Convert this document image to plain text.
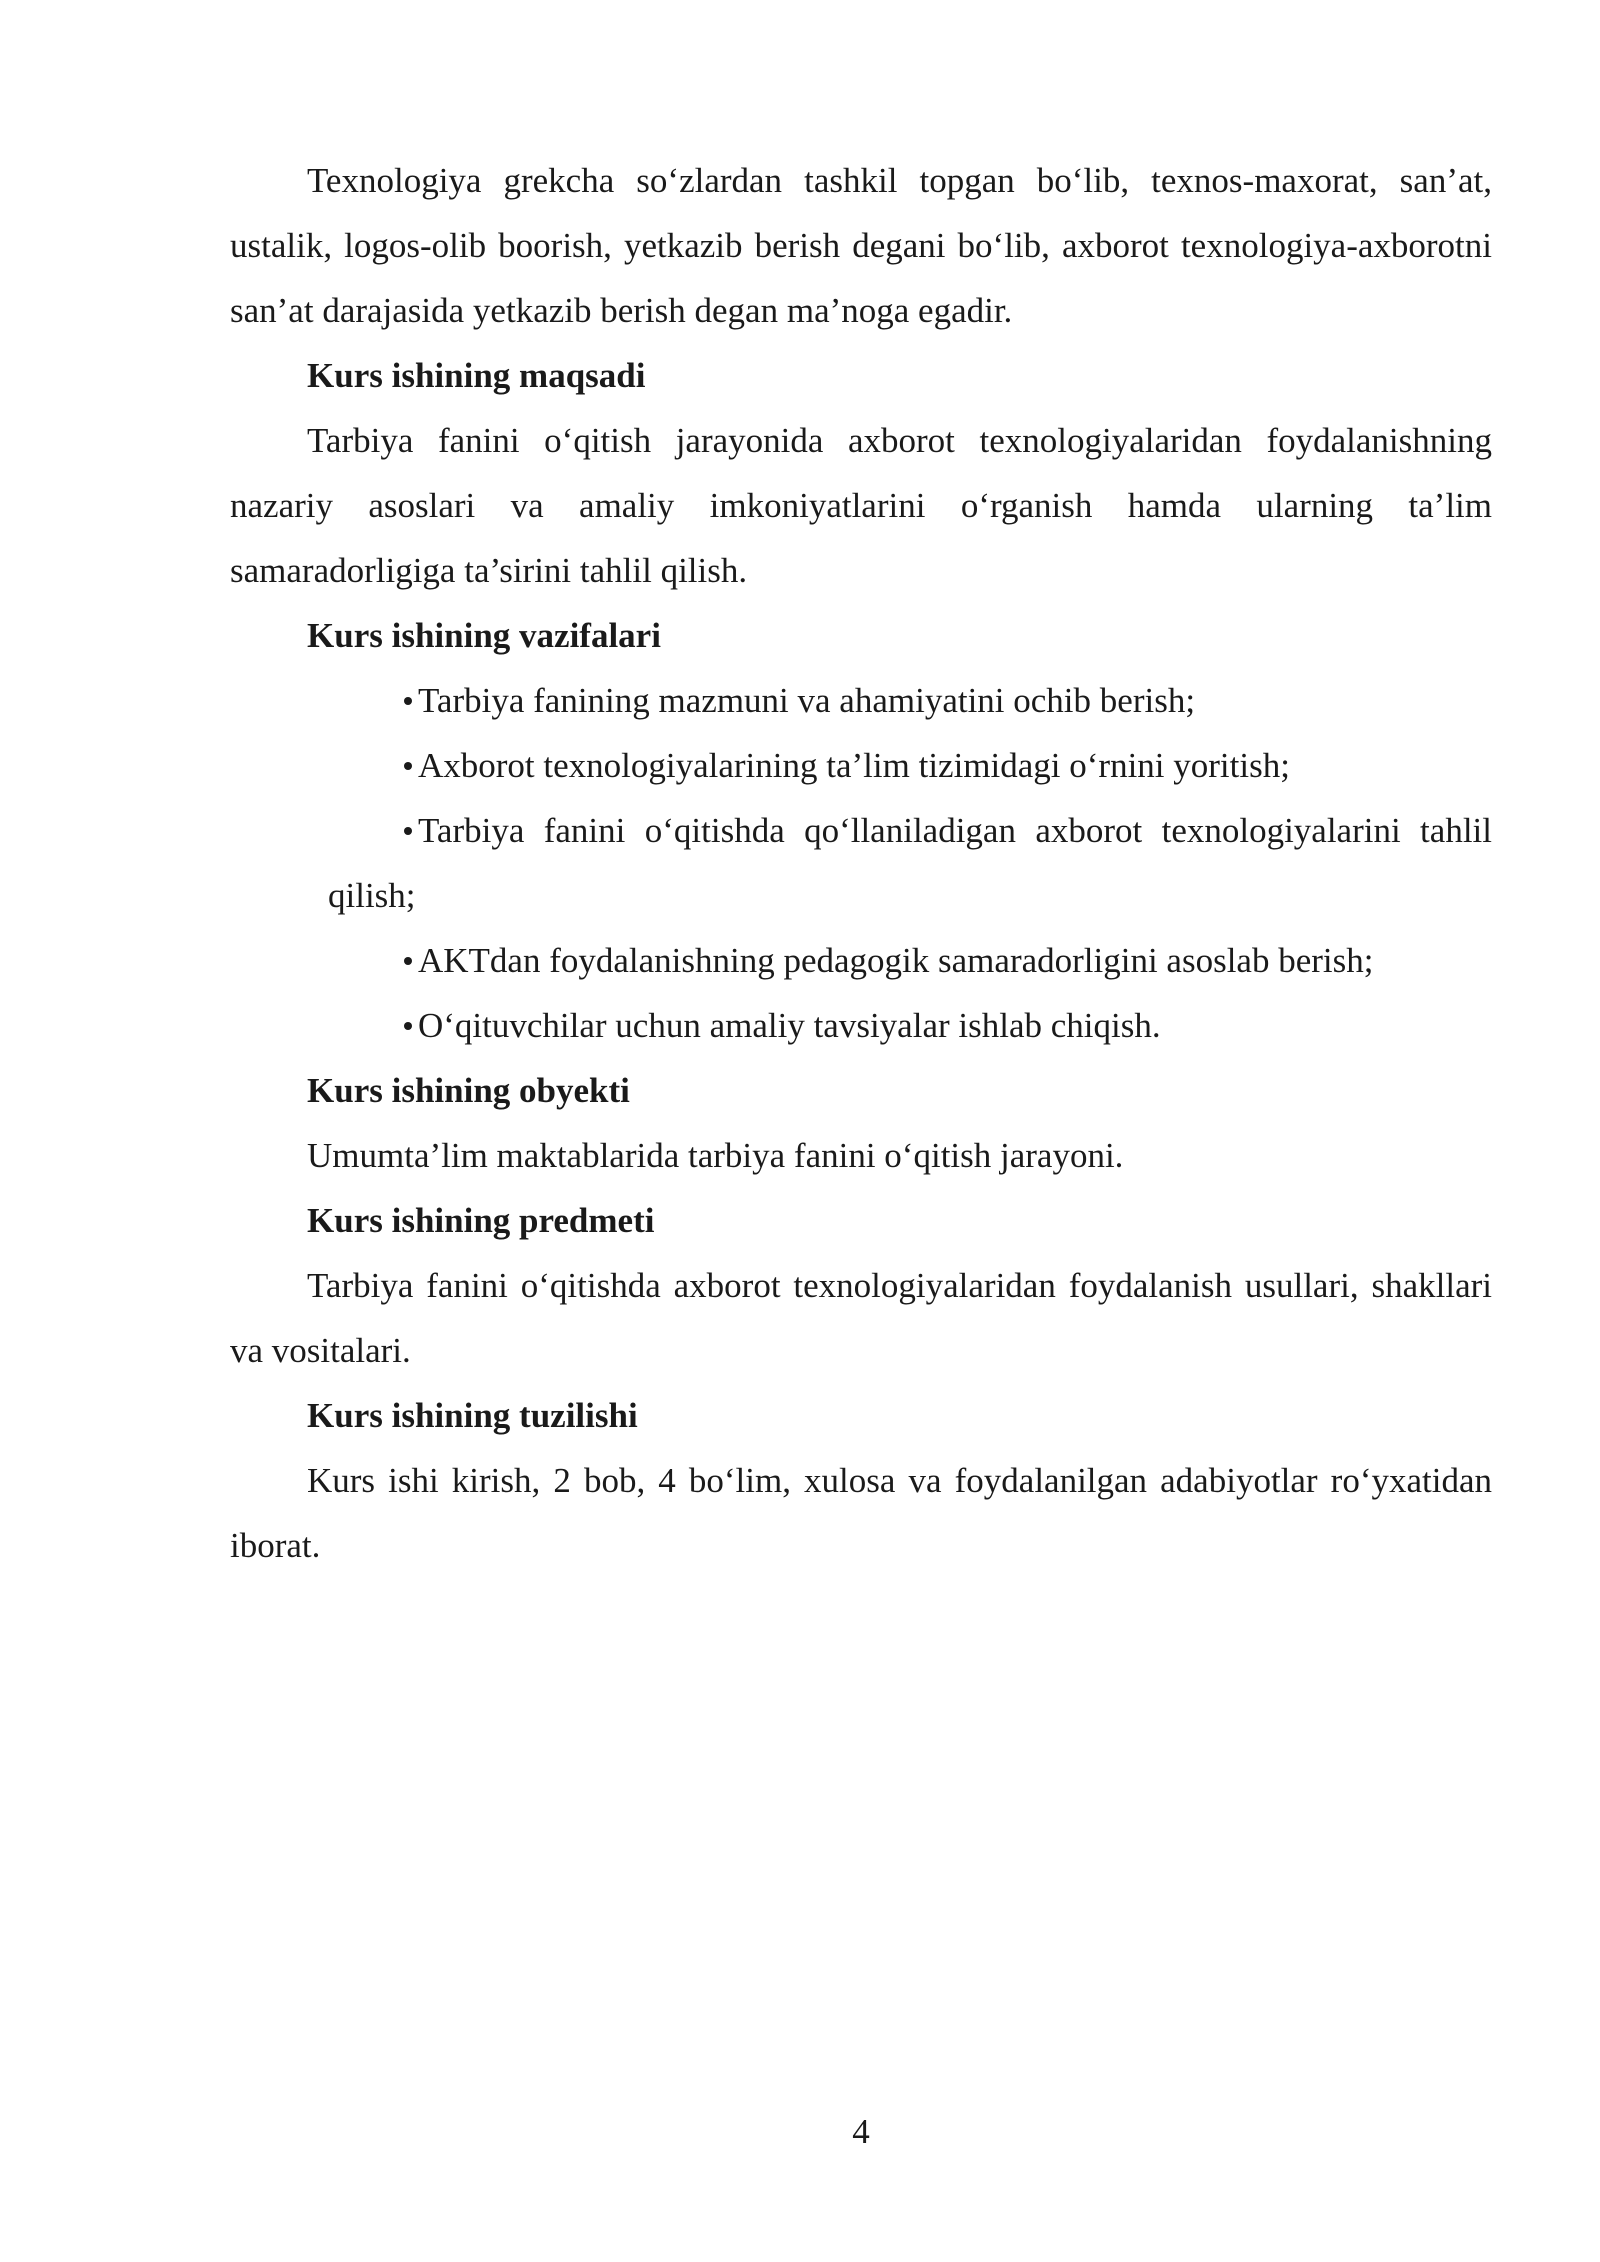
Texnologiya grekcha so‘zlardan tashkil topgan bo‘lib, texnos-maxorat, san’at, ustalik, logos-olib boorish, yetkazib berish degani bo‘lib, axborot texnologiya-axborotni san’at darajasida yetkazib berish degan ma’noga egadir.

Kurs ishining maqsadi

Tarbiya fanini o‘qitish jarayonida axborot texnologiyalaridan foydalanishning nazariy asoslari va amaliy imkoniyatlarini o‘rganish hamda ularning ta’lim samaradorligiga ta’sirini tahlil qilish.

Kurs ishining vazifalari

Tarbiya fanining mazmuni va ahamiyatini ochib berish;
Axborot texnologiyalarining ta’lim tizimidagi o‘rnini yoritish;
Tarbiya fanini o‘qitishda qo‘llaniladigan axborot texnologiyalarini tahlil qilish;
AKTdan foydalanishning pedagogik samaradorligini asoslab berish;
O‘qituvchilar uchun amaliy tavsiyalar ishlab chiqish.

Kurs ishining obyekti

Umumta’lim maktablarida tarbiya fanini o‘qitish jarayoni.

Kurs ishining predmeti

Tarbiya fanini o‘qitishda axborot texnologiyalaridan foydalanish usullari, shakllari va vositalari.

Kurs ishining tuzilishi

Kurs ishi kirish, 2 bob, 4 bo‘lim, xulosa va foydalanilgan adabiyotlar ro‘yxatidan iborat.

4
